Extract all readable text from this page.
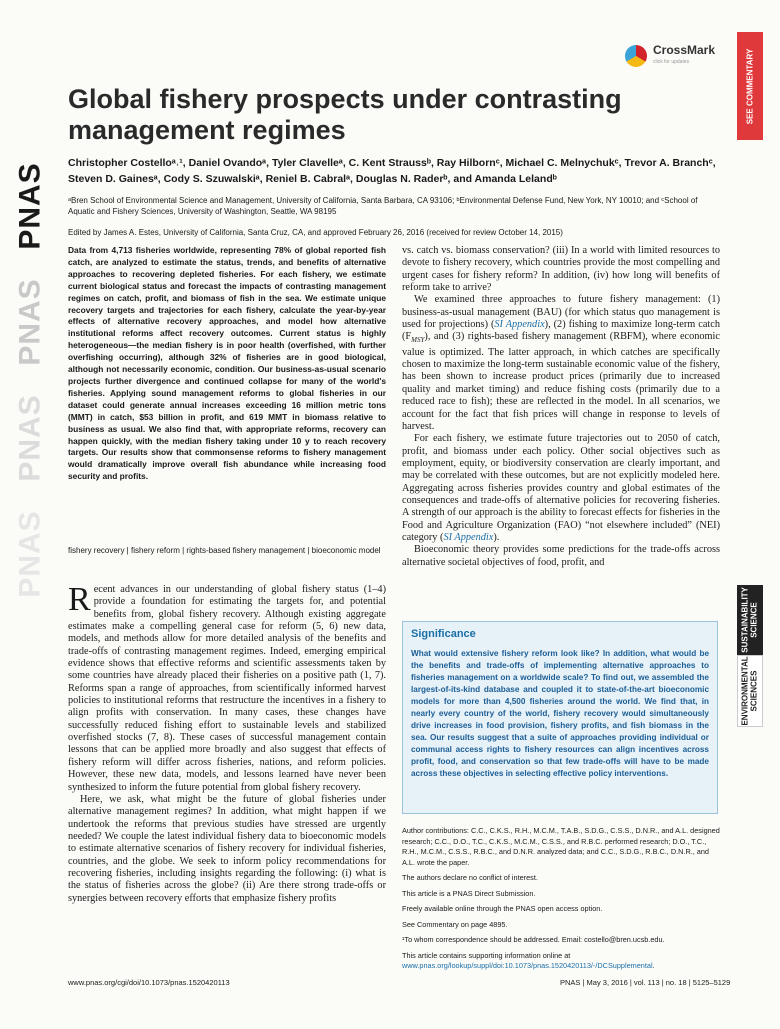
PNAS
PNAS
PNAS
PNAS
CrossMark
click for updates	SEE COMMENTARY
SUSTAINABILITY SCIENCE
ENVIRONMENTAL SCIENCES
Global fishery prospects under contrasting management regimes
Christopher Costelloᵃ˒¹, Daniel Ovandoᵃ, Tyler Clavelleᵃ, C. Kent Straussᵇ, Ray Hilbornᶜ, Michael C. Melnychukᶜ, Trevor A. Branchᶜ, Steven D. Gainesᵃ, Cody S. Szuwalskiᵃ, Reniel B. Cabralᵃ, Douglas N. Raderᵇ, and Amanda Lelandᵇ
ᵃBren School of Environmental Science and Management, University of California, Santa Barbara, CA 93106; ᵇEnvironmental Defense Fund, New York, NY 10010; and ᶜSchool of Aquatic and Fishery Sciences, University of Washington, Seattle, WA 98195
Edited by James A. Estes, University of California, Santa Cruz, CA, and approved February 26, 2016 (received for review October 14, 2015)

Data from 4,713 fisheries worldwide, representing 78% of global reported fish catch, are analyzed to estimate the status, trends, and benefits of alternative approaches to recovering depleted fisheries. For each fishery, we estimate current biological status and forecast the impacts of contrasting management regimes on catch, profit, and biomass of fish in the sea. We estimate unique recovery targets and trajectories for each fishery, calculate the year-by-year effects of alternative recovery approaches, and model how alternative institutional reforms affect recovery outcomes. Current status is highly heterogeneous—the median fishery is in poor health (overfished, with further overfishing occurring), although 32% of fisheries are in good biological, although not necessarily economic, condition. Our business-as-usual scenario projects further divergence and continued collapse for many of the world's fisheries. Applying sound management reforms to global fisheries in our dataset could generate annual increases exceeding 16 million metric tons (MMT) in catch, $53 billion in profit, and 619 MMT in biomass relative to business as usual. We also find that, with appropriate reforms, recovery can happen quickly, with the median fishery taking under 10 y to reach recovery targets. Our results show that commonsense reforms to fishery management would dramatically improve overall fish abundance while increasing food security and profits.

fishery recovery | fishery reform | rights-based fishery management | bioeconomic model

Recent advances in our understanding of global fishery status (1–4) provide a foundation for estimating the targets for, and potential benefits from, global fishery recovery. Although existing aggregate estimates make a compelling general case for reform (5, 6) new data, models, and methods allow for more detailed analysis of the benefits and trade-offs of contrasting management regimes. Indeed, emerging empirical evidence shows that effective reforms and scientific assessments taken by some countries have already placed their fisheries on a positive path (1, 7). Reforms span a range of approaches, from scientifically informed harvest policies to institutional reforms that restructure the incentives in a fishery to align profits with conservation. In many cases, these changes have successfully reduced fishing effort to sustainable levels and stabilized overfished stocks (7, 8). These cases of successful management contain lessons that can be applied more broadly and also suggest that effects of fishery reform will differ across fisheries, nations, and reform policies. However, these new data, models, and lessons learned have never been synthesized to inform the future potential from global fishery recovery.

Here, we ask, what might be the future of global fisheries under alternative management regimes? In addition, what might happen if we undertook the reforms that previous studies have stressed are urgently needed? We couple the latest individual fishery data to bioeconomic models to estimate alternative scenarios of fishery recovery for individual fisheries, countries, and the globe. We seek to inform policy recommendations for recovering fisheries, including insights regarding the following: (i) what is the status of fisheries across the globe? (ii) Are there strong trade-offs or synergies between recovery efforts that emphasize fishery profits

vs. catch vs. biomass conservation? (iii) In a world with limited resources to devote to fishery recovery, which countries provide the most compelling and urgent cases for fishery reform? In addition, (iv) how long will benefits of reform take to arrive?

We examined three approaches to future fishery management: (1) business-as-usual management (BAU) (for which status quo management is used for projections) (SI Appendix), (2) fishing to maximize long-term catch $(F_{MSY})$, and (3) rights-based fishery management (RBFM), where economic value is optimized. The latter approach, in which catches are specifically chosen to maximize the long-term sustainable economic value of the fishery, has been shown to increase product prices (primarily due to increased quality and market timing) and reduce fishing costs (primarily due to a reduced race to fish); these are reflected in the model. In all scenarios, we account for the fact that fish prices will change in response to levels of harvest.

For each fishery, we estimate future trajectories out to 2050 of catch, profit, and biomass under each policy. Other social objectives such as employment, equity, or biodiversity conservation are clearly important, and may be correlated with these outcomes, but are not explicitly modeled here. Aggregating across fisheries provides country and global estimates of the consequences and trade-offs of alternative policies for recovering fisheries. A strength of our approach is the ability to forecast effects for fisheries in the Food and Agriculture Organization (FAO) “not elsewhere included” (NEI) category (SI Appendix).

Bioeconomic theory provides some predictions for the trade-offs across alternative societal objectives of food, profit, and

Significance

What would extensive fishery reform look like? In addition, what would be the benefits and trade-offs of implementing alternative approaches to fisheries management on a worldwide scale? To find out, we assembled the largest-of-its-kind database and coupled it to state-of-the-art bioeconomic models for more than 4,500 fisheries around the world. We find that, in nearly every country of the world, fishery recovery would simultaneously drive increases in food provision, fishery profits, and fish biomass in the sea. Our results suggest that a suite of approaches providing individual or communal access rights to fishery resources can align incentives across profit, food, and conservation so that few trade-offs will have to be made across these objectives in selecting effective policy interventions.

Author contributions: C.C., C.K.S., R.H., M.C.M., T.A.B., S.D.G., C.S.S., D.N.R., and A.L. designed research; C.C., D.O., T.C., C.K.S., M.C.M., C.S.S., and R.B.C. performed research; D.O., T.C., R.H., M.C.M., C.S.S., R.B.C., and D.N.R. analyzed data; and C.C., S.D.G., R.B.C., D.N.R., and A.L. wrote the paper.

The authors declare no conflict of interest.

This article is a PNAS Direct Submission.

Freely available online through the PNAS open access option.

See Commentary on page 4895.

¹To whom correspondence should be addressed. Email: costello@bren.ucsb.edu.

This article contains supporting information online at www.pnas.org/lookup/suppl/doi:10.1073/pnas.1520420113/-/DCSupplemental.

www.pnas.org/cgi/doi/10.1073/pnas.1520420113	PNAS | May 3, 2016 | vol. 113 | no. 18 | 5125–5129
